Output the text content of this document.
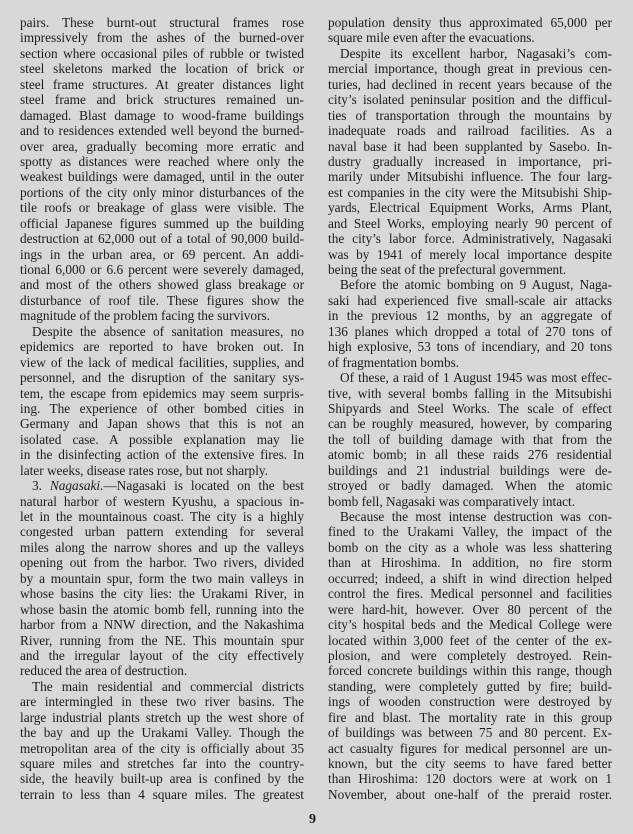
pairs. These burnt-out structural frames rose
impressively from the ashes of the burned-over
section where occasional piles of rubble or twisted
steel skeletons marked the location of brick or
steel frame structures. At greater distances light
steel frame and brick structures remained un-
damaged. Blast damage to wood-frame buildings
and to residences extended well beyond the burned-
over area, gradually becoming more erratic and
spotty as distances were reached where only the
weakest buildings were damaged, until in the outer
portions of the city only minor disturbances of the
tile roofs or breakage of glass were visible. The
official Japanese figures summed up the building
destruction at 62,000 out of a total of 90,000 build-
ings in the urban area, or 69 percent. An addi-
tional 6,000 or 6.6 percent were severely damaged,
and most of the others showed glass breakage or
disturbance of roof tile. These figures show the
magnitude of the problem facing the survivors.
Despite the absence of sanitation measures, no
epidemics are reported to have broken out. In
view of the lack of medical facilities, supplies, and
personnel, and the disruption of the sanitary sys-
tem, the escape from epidemics may seem surpris-
ing. The experience of other bombed cities in
Germany and Japan shows that this is not an
isolated case. A possible explanation may lie
in the disinfecting action of the extensive fires. In
later weeks, disease rates rose, but not sharply.
3. Nagasaki.—Nagasaki is located on the best
natural harbor of western Kyushu, a spacious in-
let in the mountainous coast. The city is a highly
congested urban pattern extending for several
miles along the narrow shores and up the valleys
opening out from the harbor. Two rivers, divided
by a mountain spur, form the two main valleys in
whose basins the city lies: the Urakami River, in
whose basin the atomic bomb fell, running into the
harbor from a NNW direction, and the Nakashima
River, running from the NE. This mountain spur
and the irregular layout of the city effectively
reduced the area of destruction.
The main residential and commercial districts
are intermingled in these two river basins. The
large industrial plants stretch up the west shore of
the bay and up the Urakami Valley. Though the
metropolitan area of the city is officially about 35
square miles and stretches far into the country-
side, the heavily built-up area is confined by the
terrain to less than 4 square miles. The greatest
population density thus approximated 65,000 per
square mile even after the evacuations.
Despite its excellent harbor, Nagasaki’s com-
mercial importance, though great in previous cen-
turies, had declined in recent years because of the
city’s isolated peninsular position and the difficul-
ties of transportation through the mountains by
inadequate roads and railroad facilities. As a
naval base it had been supplanted by Sasebo. In-
dustry gradually increased in importance, pri-
marily under Mitsubishi influence. The four larg-
est companies in the city were the Mitsubishi Ship-
yards, Electrical Equipment Works, Arms Plant,
and Steel Works, employing nearly 90 percent of
the city’s labor force. Administratively, Nagasaki
was by 1941 of merely local importance despite
being the seat of the prefectural government.
Before the atomic bombing on 9 August, Naga-
saki had experienced five small-scale air attacks
in the previous 12 months, by an aggregate of
136 planes which dropped a total of 270 tons of
high explosive, 53 tons of incendiary, and 20 tons
of fragmentation bombs.
Of these, a raid of 1 August 1945 was most effec-
tive, with several bombs falling in the Mitsubishi
Shipyards and Steel Works. The scale of effect
can be roughly measured, however, by comparing
the toll of building damage with that from the
atomic bomb; in all these raids 276 residential
buildings and 21 industrial buildings were de-
stroyed or badly damaged. When the atomic
bomb fell, Nagasaki was comparatively intact.
Because the most intense destruction was con-
fined to the Urakami Valley, the impact of the
bomb on the city as a whole was less shattering
than at Hiroshima. In addition, no fire storm
occurred; indeed, a shift in wind direction helped
control the fires. Medical personnel and facilities
were hard-hit, however. Over 80 percent of the
city’s hospital beds and the Medical College were
located within 3,000 feet of the center of the ex-
plosion, and were completely destroyed. Rein-
forced concrete buildings within this range, though
standing, were completely gutted by fire; build-
ings of wooden construction were destroyed by
fire and blast. The mortality rate in this group
of buildings was between 75 and 80 percent. Ex-
act casualty figures for medical personnel are un-
known, but the city seems to have fared better
than Hiroshima: 120 doctors were at work on 1
November, about one-half of the preraid roster.
9
